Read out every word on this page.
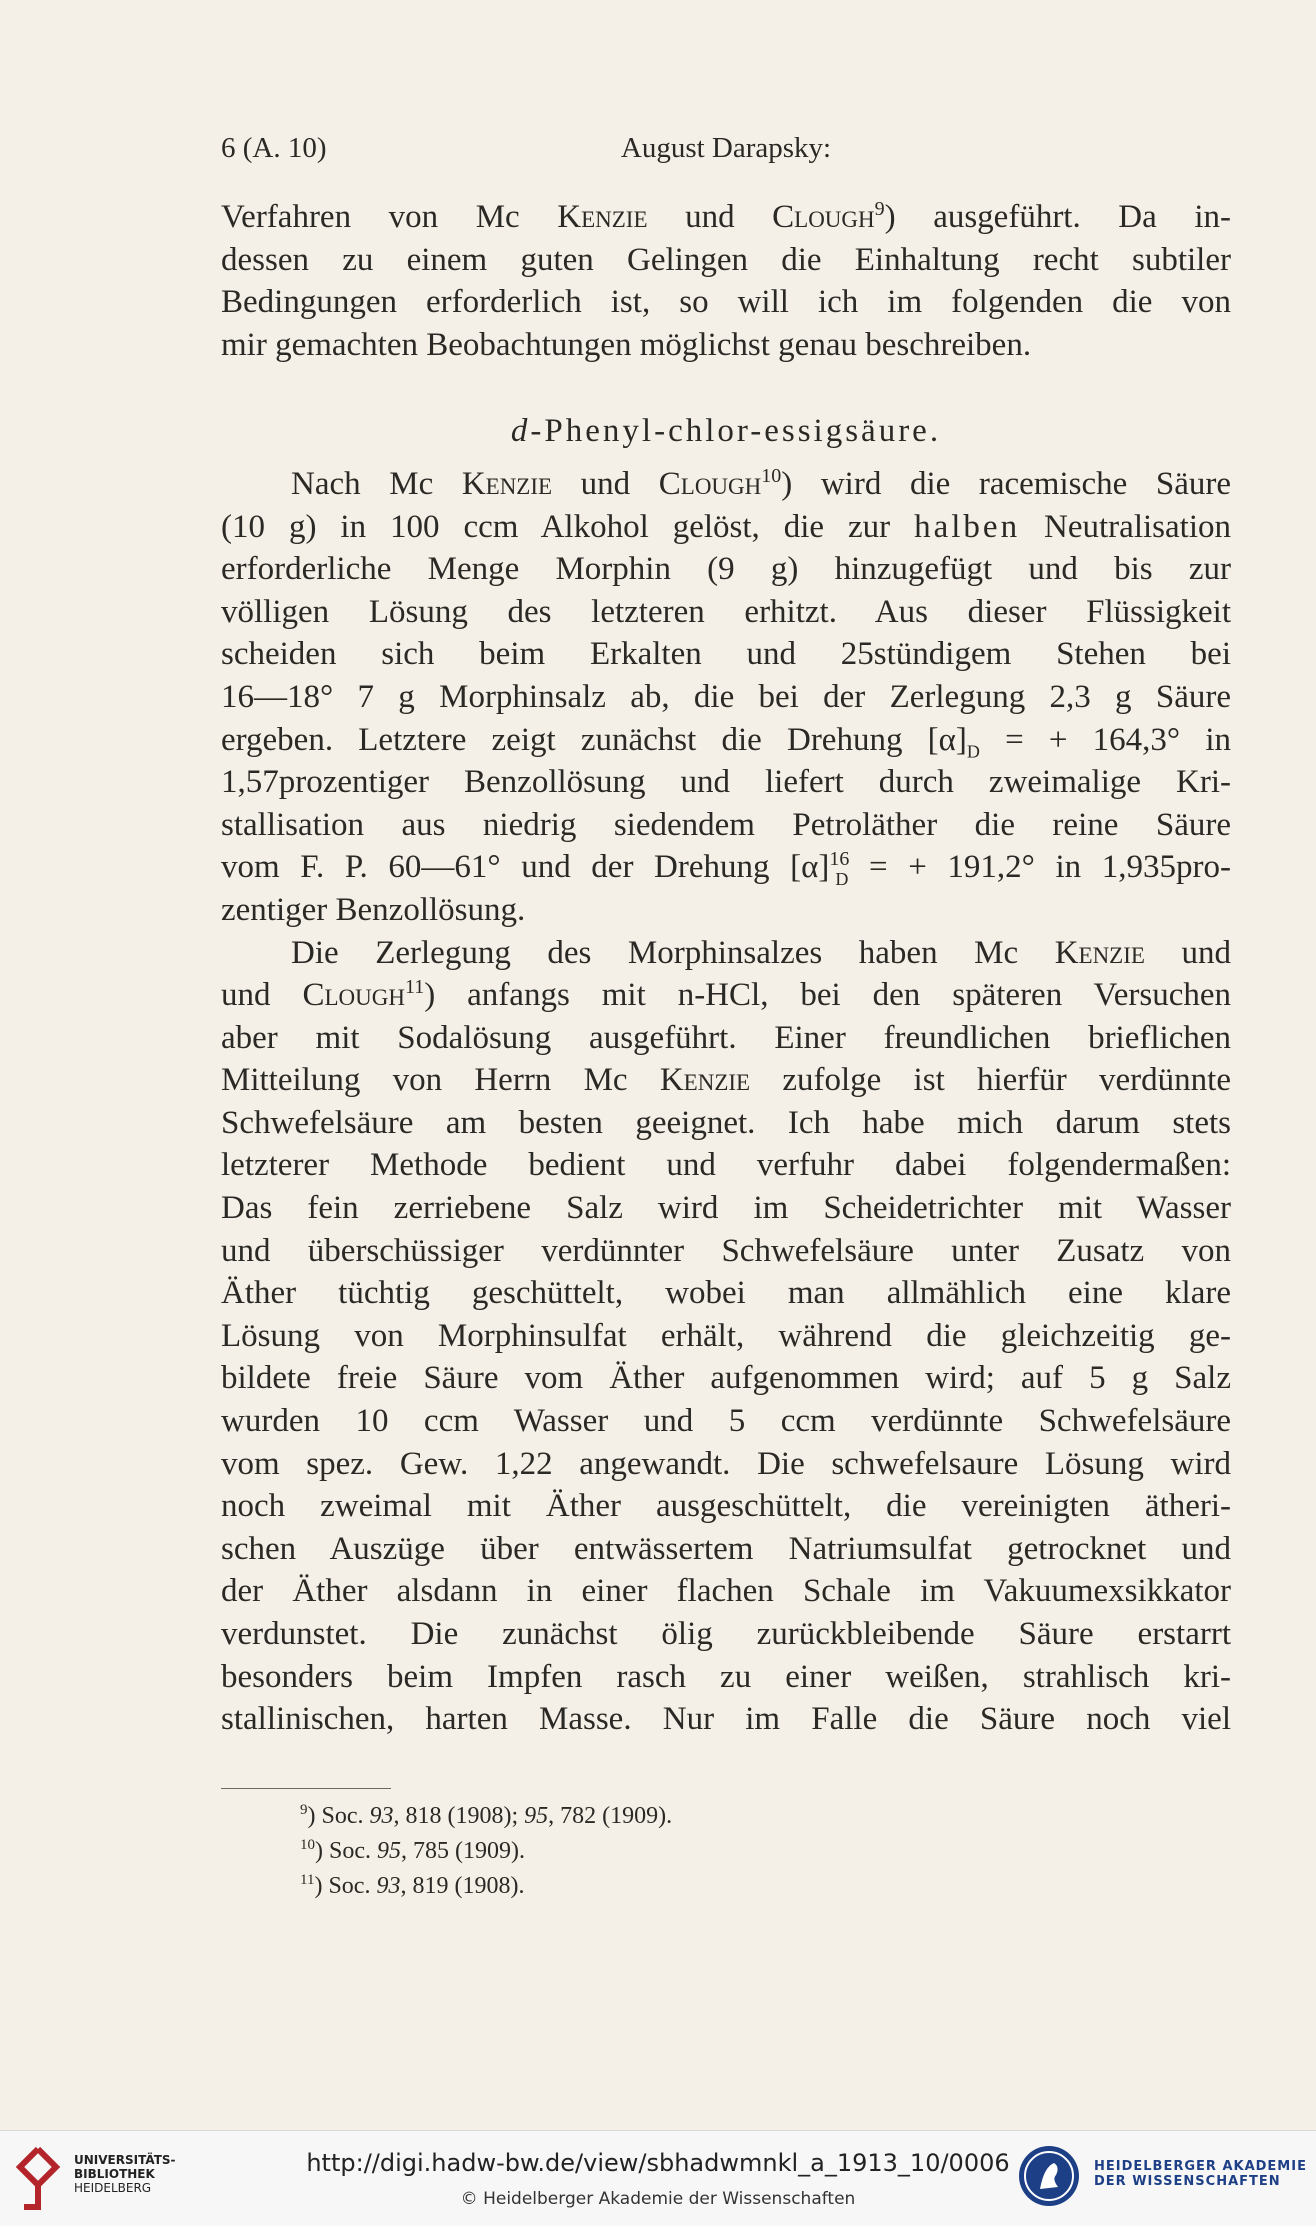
6 (A. 10)	August Darapsky:
Verfahren von Mc Kenzie und Clough$^9$) ausgeführt. Da in-
dessen zu einem guten Gelingen die Einhaltung recht subtiler
Bedingungen erforderlich ist, so will ich im folgenden die von
mir gemachten Beobachtungen möglichst genau beschreiben.
d-Phenyl-chlor-essigsäure.
Nach Mc Kenzie und Clough$^{10}$) wird die racemische Säure
(10 g) in 100 ccm Alkohol gelöst, die zur halben Neutralisation
erforderliche Menge Morphin (9 g) hinzugefügt und bis zur
völligen Lösung des letzteren erhitzt. Aus dieser Flüssigkeit
scheiden sich beim Erkalten und 25stündigem Stehen bei
16—18° 7 g Morphinsalz ab, die bei der Zerlegung 2,3 g Säure
ergeben. Letztere zeigt zunächst die Drehung $[\alpha]_D$ = + 164,3° in
1,57prozentiger Benzollösung und liefert durch zweimalige Kri-
stallisation aus niedrig siedendem Petroläther die reine Säure
vom F. P. 60—61° und der Drehung $[\alpha]^{16}_D$ = + 191,2° in 1,935pro-
zentiger Benzollösung.
Die Zerlegung des Morphinsalzes haben Mc Kenzie und
und Clough$^{11}$) anfangs mit n-HCl, bei den späteren Versuchen
aber mit Sodalösung ausgeführt. Einer freundlichen brieflichen
Mitteilung von Herrn Mc Kenzie zufolge ist hierfür verdünnte
Schwefelsäure am besten geeignet. Ich habe mich darum stets
letzterer Methode bedient und verfuhr dabei folgendermaßen:
Das fein zerriebene Salz wird im Scheidetrichter mit Wasser
und überschüssiger verdünnter Schwefelsäure unter Zusatz von
Äther tüchtig geschüttelt, wobei man allmählich eine klare
Lösung von Morphinsulfat erhält, während die gleichzeitig ge-
bildete freie Säure vom Äther aufgenommen wird; auf 5 g Salz
wurden 10 ccm Wasser und 5 ccm verdünnte Schwefelsäure
vom spez. Gew. 1,22 angewandt. Die schwefelsaure Lösung wird
noch zweimal mit Äther ausgeschüttelt, die vereinigten ätheri-
schen Auszüge über entwässertem Natriumsulfat getrocknet und
der Äther alsdann in einer flachen Schale im Vakuumexsikkator
verdunstet. Die zunächst ölig zurückbleibende Säure erstarrt
besonders beim Impfen rasch zu einer weißen, strahlisch kri-
stallinischen, harten Masse. Nur im Falle die Säure noch viel
$^9$) Soc. 93, 818 (1908); 95, 782 (1909).
$^{10}$) Soc. 95, 785 (1909).
$^{11}$) Soc. 93, 819 (1908).
UNIVERSITÄTS-
BIBLIOTHEK
HEIDELBERG
http://digi.hadw-bw.de/view/sbhadwmnkl_a_1913_10/0006
© Heidelberger Akademie der Wissenschaften
HEIDELBERGER AKADEMIE
DER WISSENSCHAFTEN
